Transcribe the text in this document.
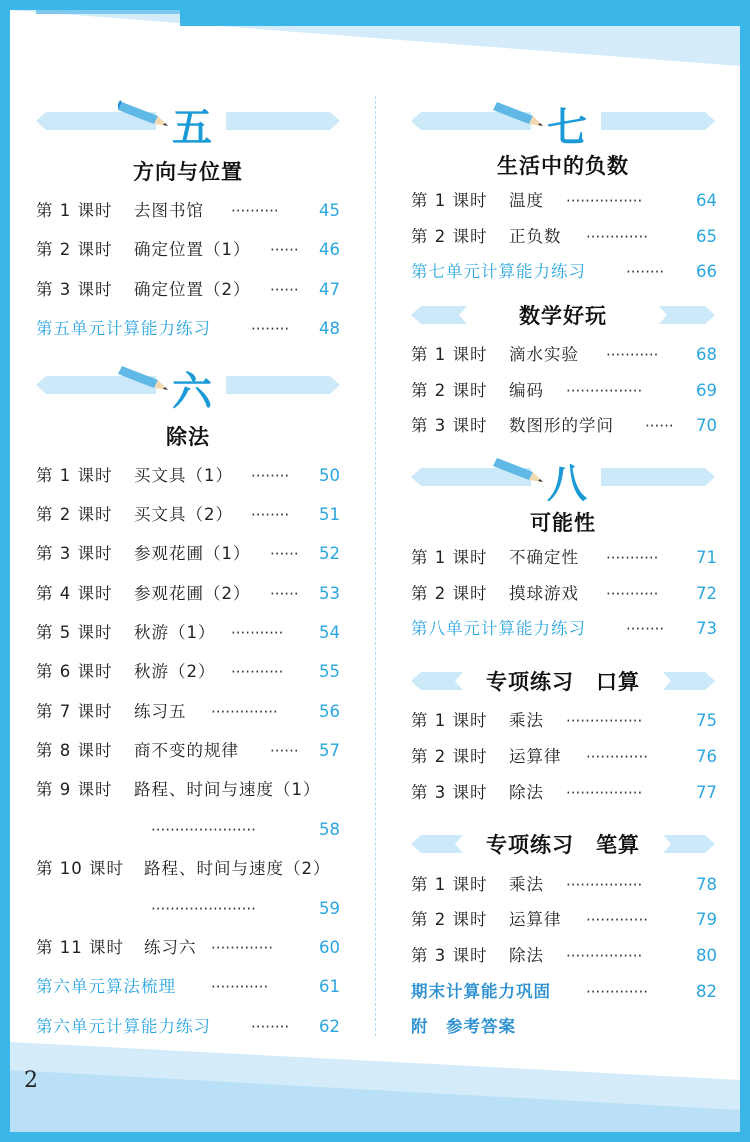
2
五
方向与位置
第 1 课时 去图书馆 ·········· 45
第 2 课时 确定位置（1） ······ 46
第 3 课时 确定位置（2） ······ 47
第五单元计算能力练习	········ 48
六
除法
第 1 课时 买文具（1） ········ 50
第 2 课时 买文具（2） ········ 51
第 3 课时 参观花圃（1） ······ 52
第 4 课时 参观花圃（2） ······ 53
第 5 课时 秋游（1） ··········· 54
第 6 课时 秋游（2） ··········· 55
第 7 课时 练习五 ·············· 56
第 8 课时 商不变的规律 ······ 57
第 9 课时 路程、时间与速度（1）
······················	58
第 10 课时 路程、时间与速度（2）
······················	59
第 11 课时 练习六 ·············	60
第六单元算法梳理 ············	61
第六单元计算能力练习	········ 62
七
生活中的负数
第 1 课时 温度 ················	64
第 2 课时 正负数 ·············	65
第七单元计算能力练习	········ 66
数学好玩
第 1 课时 滴水实验 ··········· 68
第 2 课时 编码 ················	69
第 3 课时 数图形的学问 ······ 70
八
可能性
第 1 课时 不确定性 ··········· 71
第 2 课时 摸球游戏 ··········· 72
第八单元计算能力练习	········ 73
专项练习　口算
第 1 课时 乘法 ················	75
第 2 课时 运算律 ·············	76
第 3 课时 除法 ················	77
专项练习　笔算
第 1 课时 乘法 ················	78
第 2 课时 运算律 ·············	79
第 3 课时 除法 ················	80
期末计算能力巩固 ·············	82
附　参考答案
